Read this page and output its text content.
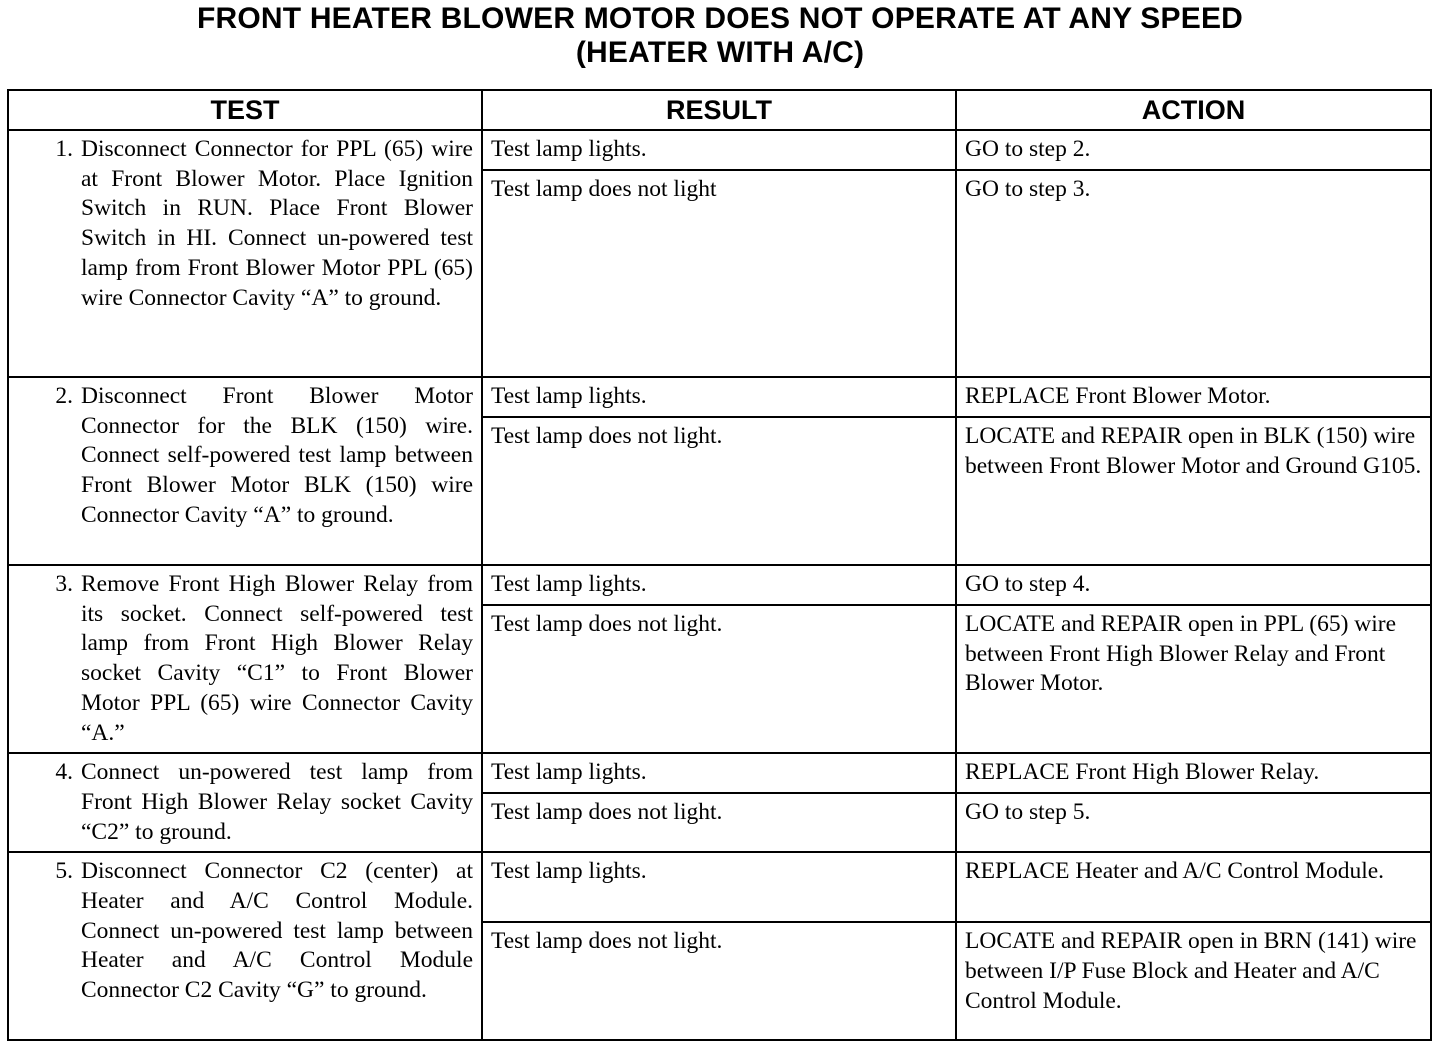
FRONT HEATER BLOWER MOTOR DOES NOT OPERATE AT ANY SPEED
(HEATER WITH A/C)
TEST	RESULT	ACTION

1. Disconnect Connector for PPL (65) wire at Front Blower Motor. Place Ignition Switch in RUN. Place Front Blower Switch in HI. Connect un-powered test lamp from Front Blower Motor PPL (65) wire Connector Cavity “A” to ground.	Test lamp lights.	GO to step 2.
	Test lamp does not light	GO to step 3.

2. Disconnect Front Blower Motor Connector for the BLK (150) wire. Connect self-powered test lamp between Front Blower Motor BLK (150) wire Connector Cavity “A” to ground.	Test lamp lights.	REPLACE Front Blower Motor.
	Test lamp does not light.	LOCATE and REPAIR open in BLK (150) wire between Front Blower Motor and Ground G105.

3. Remove Front High Blower Relay from its socket. Connect self-powered test lamp from Front High Blower Relay socket Cavity “C1” to Front Blower Motor PPL (65) wire Connector Cavity “A.”	Test lamp lights.	GO to step 4.
	Test lamp does not light.	LOCATE and REPAIR open in PPL (65) wire between Front High Blower Relay and Front Blower Motor.

4. Connect un-powered test lamp from Front High Blower Relay socket Cavity “C2” to ground.	Test lamp lights.	REPLACE Front High Blower Relay.
	Test lamp does not light.	GO to step 5.

5. Disconnect Connector C2 (center) at Heater and A/C Control Module. Connect un-powered test lamp between Heater and A/C Control Module Connector C2 Cavity “G” to ground.	Test lamp lights.	REPLACE Heater and A/C Control Module.
	Test lamp does not light.	LOCATE and REPAIR open in BRN (141) wire between I/P Fuse Block and Heater and A/C Control Module.
